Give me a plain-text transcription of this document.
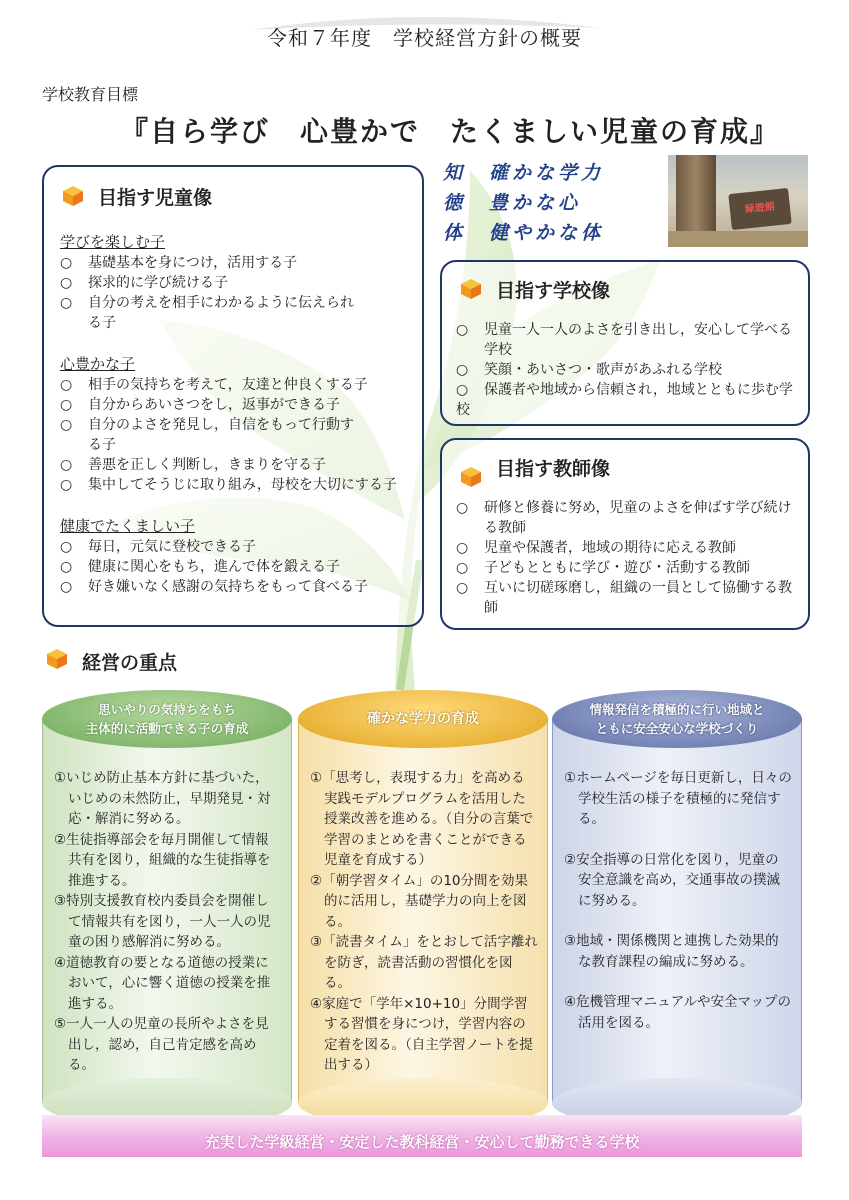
令和７年度　学校経営方針の概要
学校教育目標
『自ら学び　心豊かで　たくましい児童の育成』
知 確かな学力
徳 豊かな心
体 健やかな体
緑遊館
目指す児童像

学びを楽しむ子

○ 基礎基本を身につけ，活用する子

○ 探求的に学び続ける子

○ 自分の考えを相手にわかるように伝えられる子

心豊かな子

○ 相手の気持ちを考えて，友達と仲良くする子

○ 自分からあいさつをし，返事ができる子

○ 自分のよさを発見し，自信をもって行動する子

○ 善悪を正しく判断し，きまりを守る子

○ 集中してそうじに取り組み，母校を大切にする子

健康でたくましい子

○ 毎日，元気に登校できる子

○ 健康に関心をもち，進んで体を鍛える子

○ 好き嫌いなく感謝の気持ちをもって食べる子

目指す学校像

○ 児童一人一人のよさを引き出し，安心して学べる学校

○ 笑顔・あいさつ・歌声があふれる学校

○ 保護者や地域から信頼され，地域とともに歩む学校

目指す教師像

○ 研修と修養に努め，児童のよさを伸ばす学び続ける教師

○ 児童や保護者，地域の期待に応える教師

○ 子どもとともに学び・遊び・活動する教師

○ 互いに切磋琢磨し，組織の一員として協働する教師

経営の重点
思いやりの気持ちをもち
主体的に活動できる子の育成

①いじめ防止基本方針に基づいた，いじめの未然防止，早期発見・対応・解消に努める。

②生徒指導部会を毎月開催して情報共有を図り，組織的な生徒指導を推進する。

③特別支援教育校内委員会を開催して情報共有を図り，一人一人の児童の困り感解消に努める。

④道徳教育の要となる道徳の授業において，心に響く道徳の授業を推進する。

⑤一人一人の児童の長所やよさを見出し，認め，自己肯定感を高める。

確かな学力の育成

①「思考し，表現する力」を高める実践モデルプログラムを活用した授業改善を進める。（自分の言葉で学習のまとめを書くことができる児童を育成する）

②「朝学習タイム」の10分間を効果的に活用し，基礎学力の向上を図る。

③「読書タイム」をとおして活字離れを防ぎ，読書活動の習慣化を図る。

④家庭で「学年×10+10」分間学習する習慣を身につけ，学習内容の定着を図る。（自主学習ノートを提出する）

情報発信を積極的に行い地域と
ともに安全安心な学校づくり

①ホームページを毎日更新し，日々の学校生活の様子を積極的に発信する。

②安全指導の日常化を図り，児童の安全意識を高め，交通事故の撲滅に努める。

③地域・関係機関と連携した効果的な教育課程の編成に努める。

④危機管理マニュアルや安全マップの活用を図る。

充実した学級経営・安定した教科経営・安心して勤務できる学校
